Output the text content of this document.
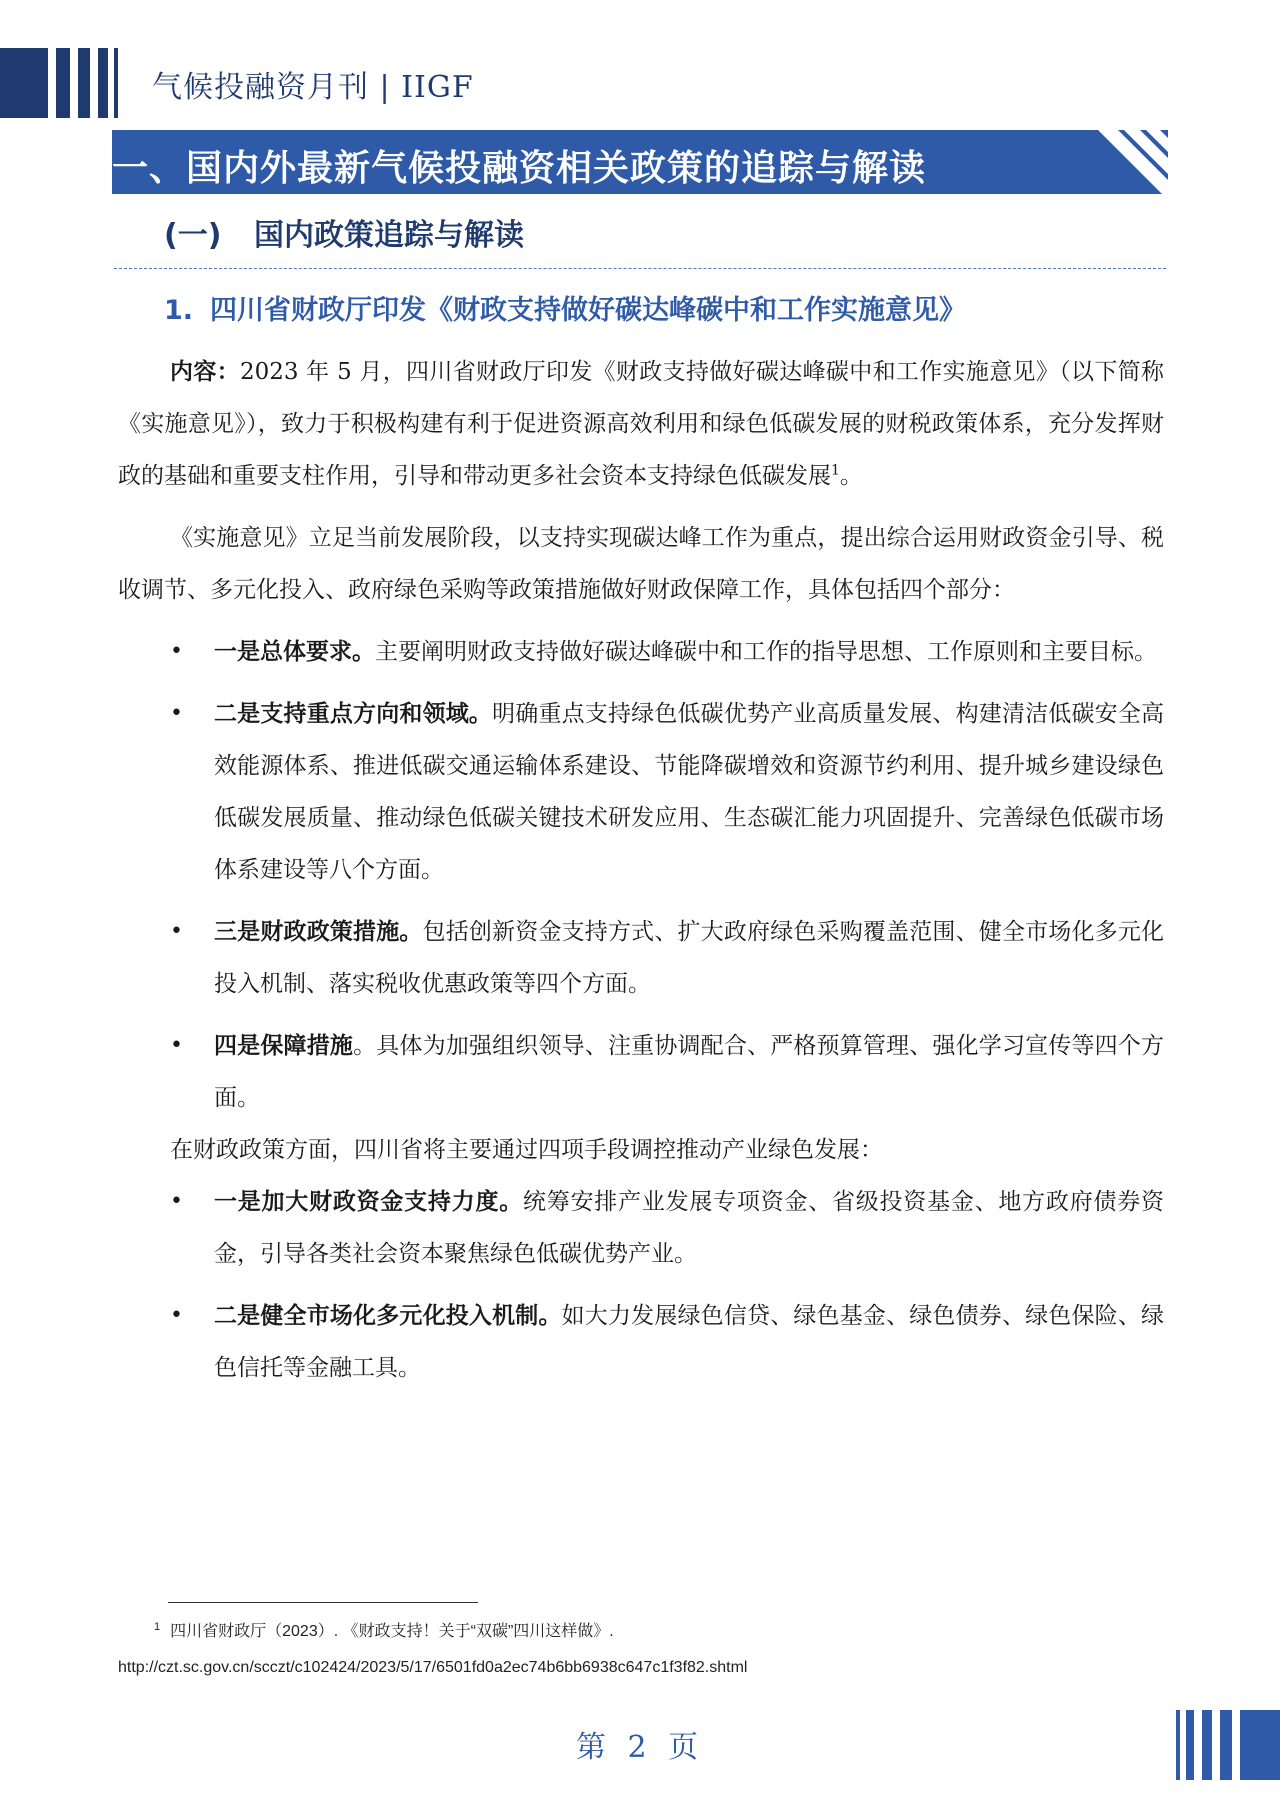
气候投融资月刊 | IIGF
一、国内外最新气候投融资相关政策的追踪与解读
(一) 国内政策追踪与解读
1. 四川省财政厅印发《财政支持做好碳达峰碳中和工作实施意见》

内容：2023 年 5 月，四川省财政厅印发《财政支持做好碳达峰碳中和工作实施意见》（以下简称《实施意见》），致力于积极构建有利于促进资源高效利用和绿色低碳发展的财税政策体系，充分发挥财政的基础和重要支柱作用，引导和带动更多社会资本支持绿色低碳发展$^1$。

《实施意见》立足当前发展阶段，以支持实现碳达峰工作为重点，提出综合运用财政资金引导、税收调节、多元化投入、政府绿色采购等政策措施做好财政保障工作，具体包括四个部分：

• 一是总体要求。主要阐明财政支持做好碳达峰碳中和工作的指导思想、工作原则和主要目标。
• 二是支持重点方向和领域。明确重点支持绿色低碳优势产业高质量发展、构建清洁低碳安全高效能源体系、推进低碳交通运输体系建设、节能降碳增效和资源节约利用、提升城乡建设绿色低碳发展质量、推动绿色低碳关键技术研发应用、生态碳汇能力巩固提升、完善绿色低碳市场体系建设等八个方面。
• 三是财政政策措施。包括创新资金支持方式、扩大政府绿色采购覆盖范围、健全市场化多元化投入机制、落实税收优惠政策等四个方面。
• 四是保障措施。具体为加强组织领导、注重协调配合、严格预算管理、强化学习宣传等四个方面。

在财政政策方面，四川省将主要通过四项手段调控推动产业绿色发展：

• 一是加大财政资金支持力度。统筹安排产业发展专项资金、省级投资基金、地方政府债券资金，引导各类社会资本聚焦绿色低碳优势产业。
• 二是健全市场化多元化投入机制。如大力发展绿色信贷、绿色基金、绿色债券、绿色保险、绿色信托等金融工具。
$^1$ 四川省财政厅（2023）. 《财政支持！关于“双碳”四川这样做》.
http://czt.sc.gov.cn/scczt/c102424/2023/5/17/6501fd0a2ec74b6bb6938c647c1f3f82.shtml
第 2 页
